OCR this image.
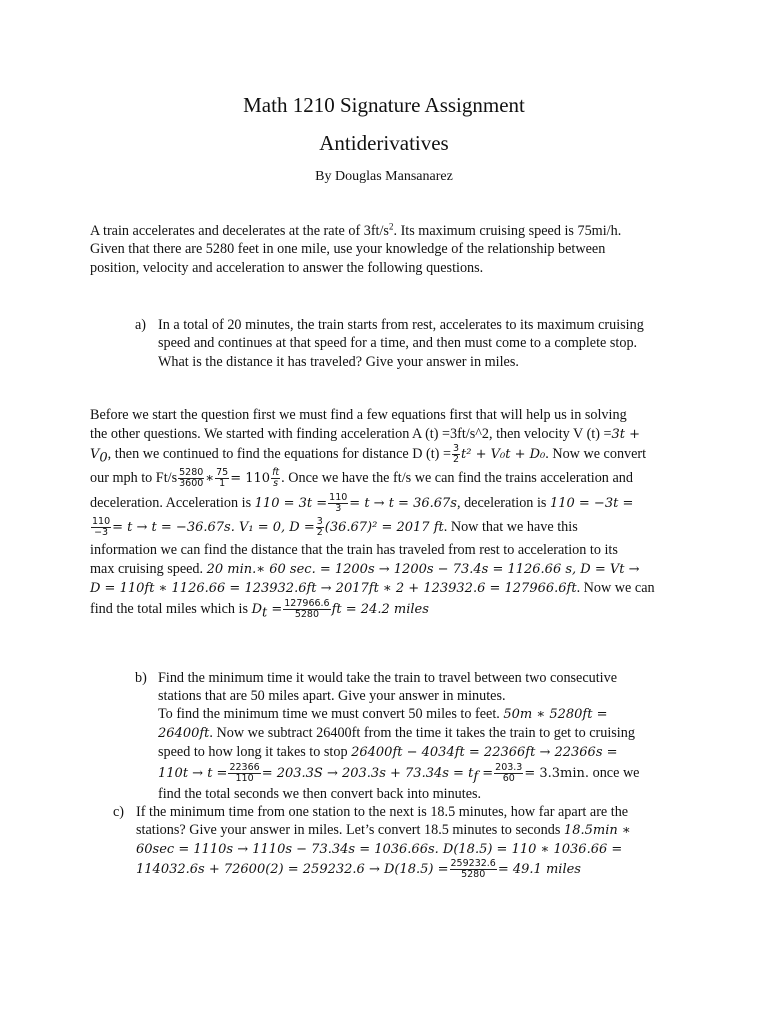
Math 1210 Signature Assignment
Antiderivatives
By Douglas Mansanarez
A train accelerates and decelerates at the rate of $3ft/s^2$. Its maximum cruising speed is 75mi/h.
Given that there are 5280 feet in one mile, use your knowledge of the relationship between
position, velocity and acceleration to answer the following questions.
a) In a total of 20 minutes, the train starts from rest, accelerates to its maximum cruising
speed and continues at that speed for a time, and then must come to a complete stop.
What is the distance it has traveled? Give your answer in miles.
Before we start the question first we must find a few equations first that will help us in solving
the other questions. We started with finding acceleration A (t) =3ft/s^2, then velocity V (t) =3t +
$V_0$, then we continued to find the equations for distance D $(t) = \frac{3}{2} t^2 + V_0t + D_0$. Now we convert
our mph to $Ft/s \frac{5280}{3600}$ ∗ $\frac{75}{1} = 110 \frac{ft}{s}$ . Once we have the ft/s we can find the trains acceleration and
deceleration. Acceleration is $110 = 3t = \frac{110}{3} = t \to t = 36.67s$, deceleration is 110 = −3t =
$\frac{110}{-3} = t \to t = -36.67s$. V₁ = 0, $D = \frac{3}{2} (36.67)^2 = 2017$ ft. Now that we have this
information we can find the distance that the train has traveled from rest to acceleration to its
max cruising speed. 20 min.∗ 60 sec. = 1200s → 1200s − 73.4s = 1126.66 s, D = Vt →
D = 110ft ∗ 1126.66 = 123932.6ft → 2017ft ∗ 2 + 123932.6 = 127966.6ft. Now we can
find the total miles which is $D_t = \frac{127966.6}{5280}$ ft = 24.2 miles
b) Find the minimum time it would take the train to travel between two consecutive
stations that are 50 miles apart. Give your answer in minutes.
To find the minimum time we must convert 50 miles to feet. 50m ∗ 5280ft =
26400ft. Now we subtract 26400ft from the time it takes the train to get to cruising
speed to how long it takes to stop 26400ft − 4034ft = 22366ft → 22366s =
$110t \to t = \frac{22366}{110} = 203.3S \to 203.3s + 73.34s = t_f = \frac{203.3}{60} = 3.3\min$. once we
find the total seconds we then convert back into minutes.
c) If the minimum time from one station to the next is 18.5 minutes, how far apart are the
stations? Give your answer in miles. Let’s convert 18.5 minutes to seconds 18.5min ∗
60sec = 1110s → 1110s − 73.34s = 1036.66s. D(18.5) = 110 ∗ 1036.66 =
$114032.6s + 72600(2) = 259232.6 \to D(18.5) = \frac{259232.6}{5280} = 49.1$ miles
